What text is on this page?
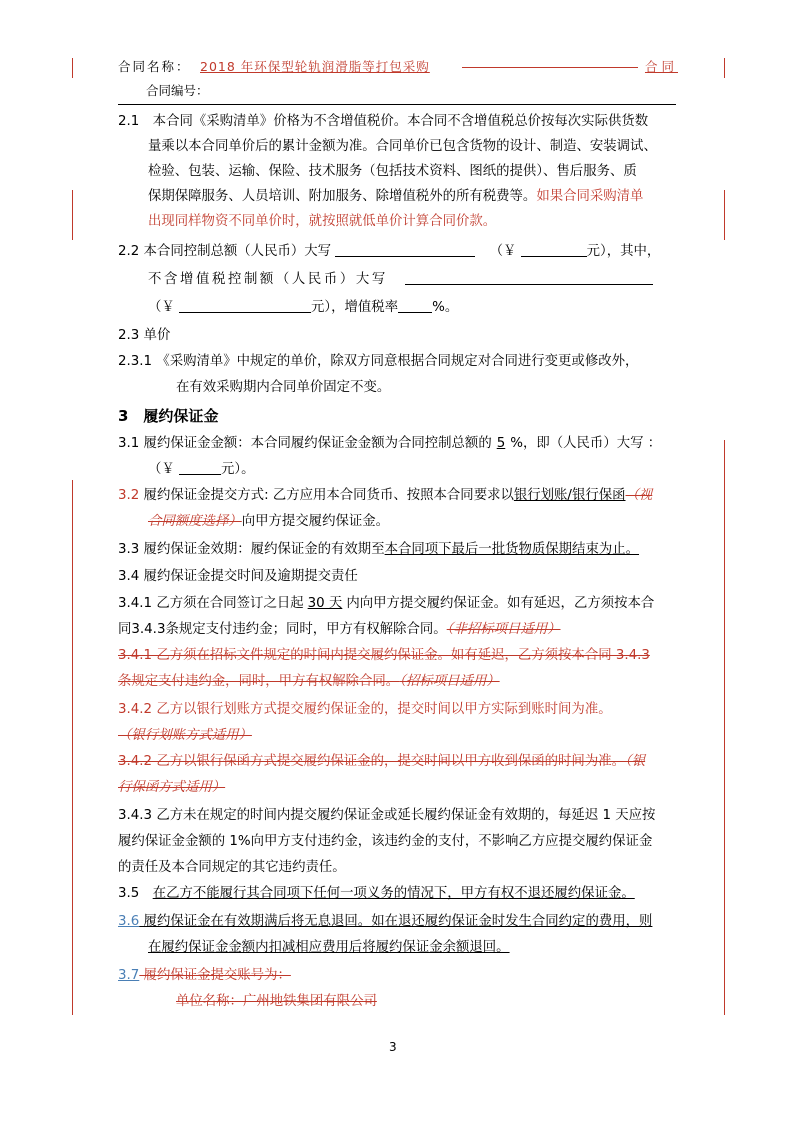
合同名称： 2018 年环保型轮轨润滑脂等打包采购	合同
合同编号：
2.1　本合同《采购清单》价格为不含增值税价。本合同不含增值税总价按每次实际供货数
量乘以本合同单价后的累计金额为准。合同单价已包含货物的设计、制造、安装调试、
检验、包装、运输、保险、技术服务（包括技术资料、图纸的提供）、售后服务、质
保期保障服务、人员培训、附加服务、除增值税外的所有税费等。如果合同采购清单
出现同样物资不同单价时，就按照就低单价计算合同价款。
2.2 本合同控制总额（人民币）大写	（￥	元），其中，
不含增值税控制额（人民币）大写
（￥	元），增值税率	%。
2.3 单价
2.3.1 《采购清单》中规定的单价，除双方同意根据合同规定对合同进行变更或修改外，
在有效采购期内合同单价固定不变。
3　履约保证金
3.1 履约保证金金额：本合同履约保证金金额为合同控制总额的 5 %，即（人民币）大写 ：
（￥	元）。
3.2 履约保证金提交方式: 乙方应用本合同货币、按照本合同要求以银行划账/银行保函（视
合同额度选择）向甲方提交履约保证金。
3.3 履约保证金效期：履约保证金的有效期至本合同项下最后一批货物质保期结束为止。
3.4 履约保证金提交时间及逾期提交责任
3.4.1 乙方须在合同签订之日起 30 天 内向甲方提交履约保证金。如有延迟，乙方须按本合
同3.4.3条规定支付违约金；同时，甲方有权解除合同。（非招标项目适用）
3.4.1 乙方须在招标文件规定的时间内提交履约保证金。如有延迟，乙方须按本合同 3.4.3
条规定支付违约金，同时，甲方有权解除合同。（招标项目适用）
3.4.2 乙方以银行划账方式提交履约保证金的，提交时间以甲方实际到账时间为准。
（银行划账方式适用）
3.4.2 乙方以银行保函方式提交履约保证金的，提交时间以甲方收到保函的时间为准。（银
行保函方式适用）
3.4.3 乙方未在规定的时间内提交履约保证金或延长履约保证金有效期的，每延迟 1 天应按
履约保证金金额的 1%向甲方支付违约金，该违约金的支付，不影响乙方应提交履约保证金
的责任及本合同规定的其它违约责任。
3.5　在乙方不能履行其合同项下任何一项义务的情况下，甲方有权不退还履约保证金。
3.6 履约保证金在有效期满后将无息退回。如在退还履约保证金时发生合同约定的费用，则
在履约保证金金额内扣减相应费用后将履约保证金余额退回。
3.7 履约保证金提交账号为：
单位名称：广州地铁集团有限公司
3
